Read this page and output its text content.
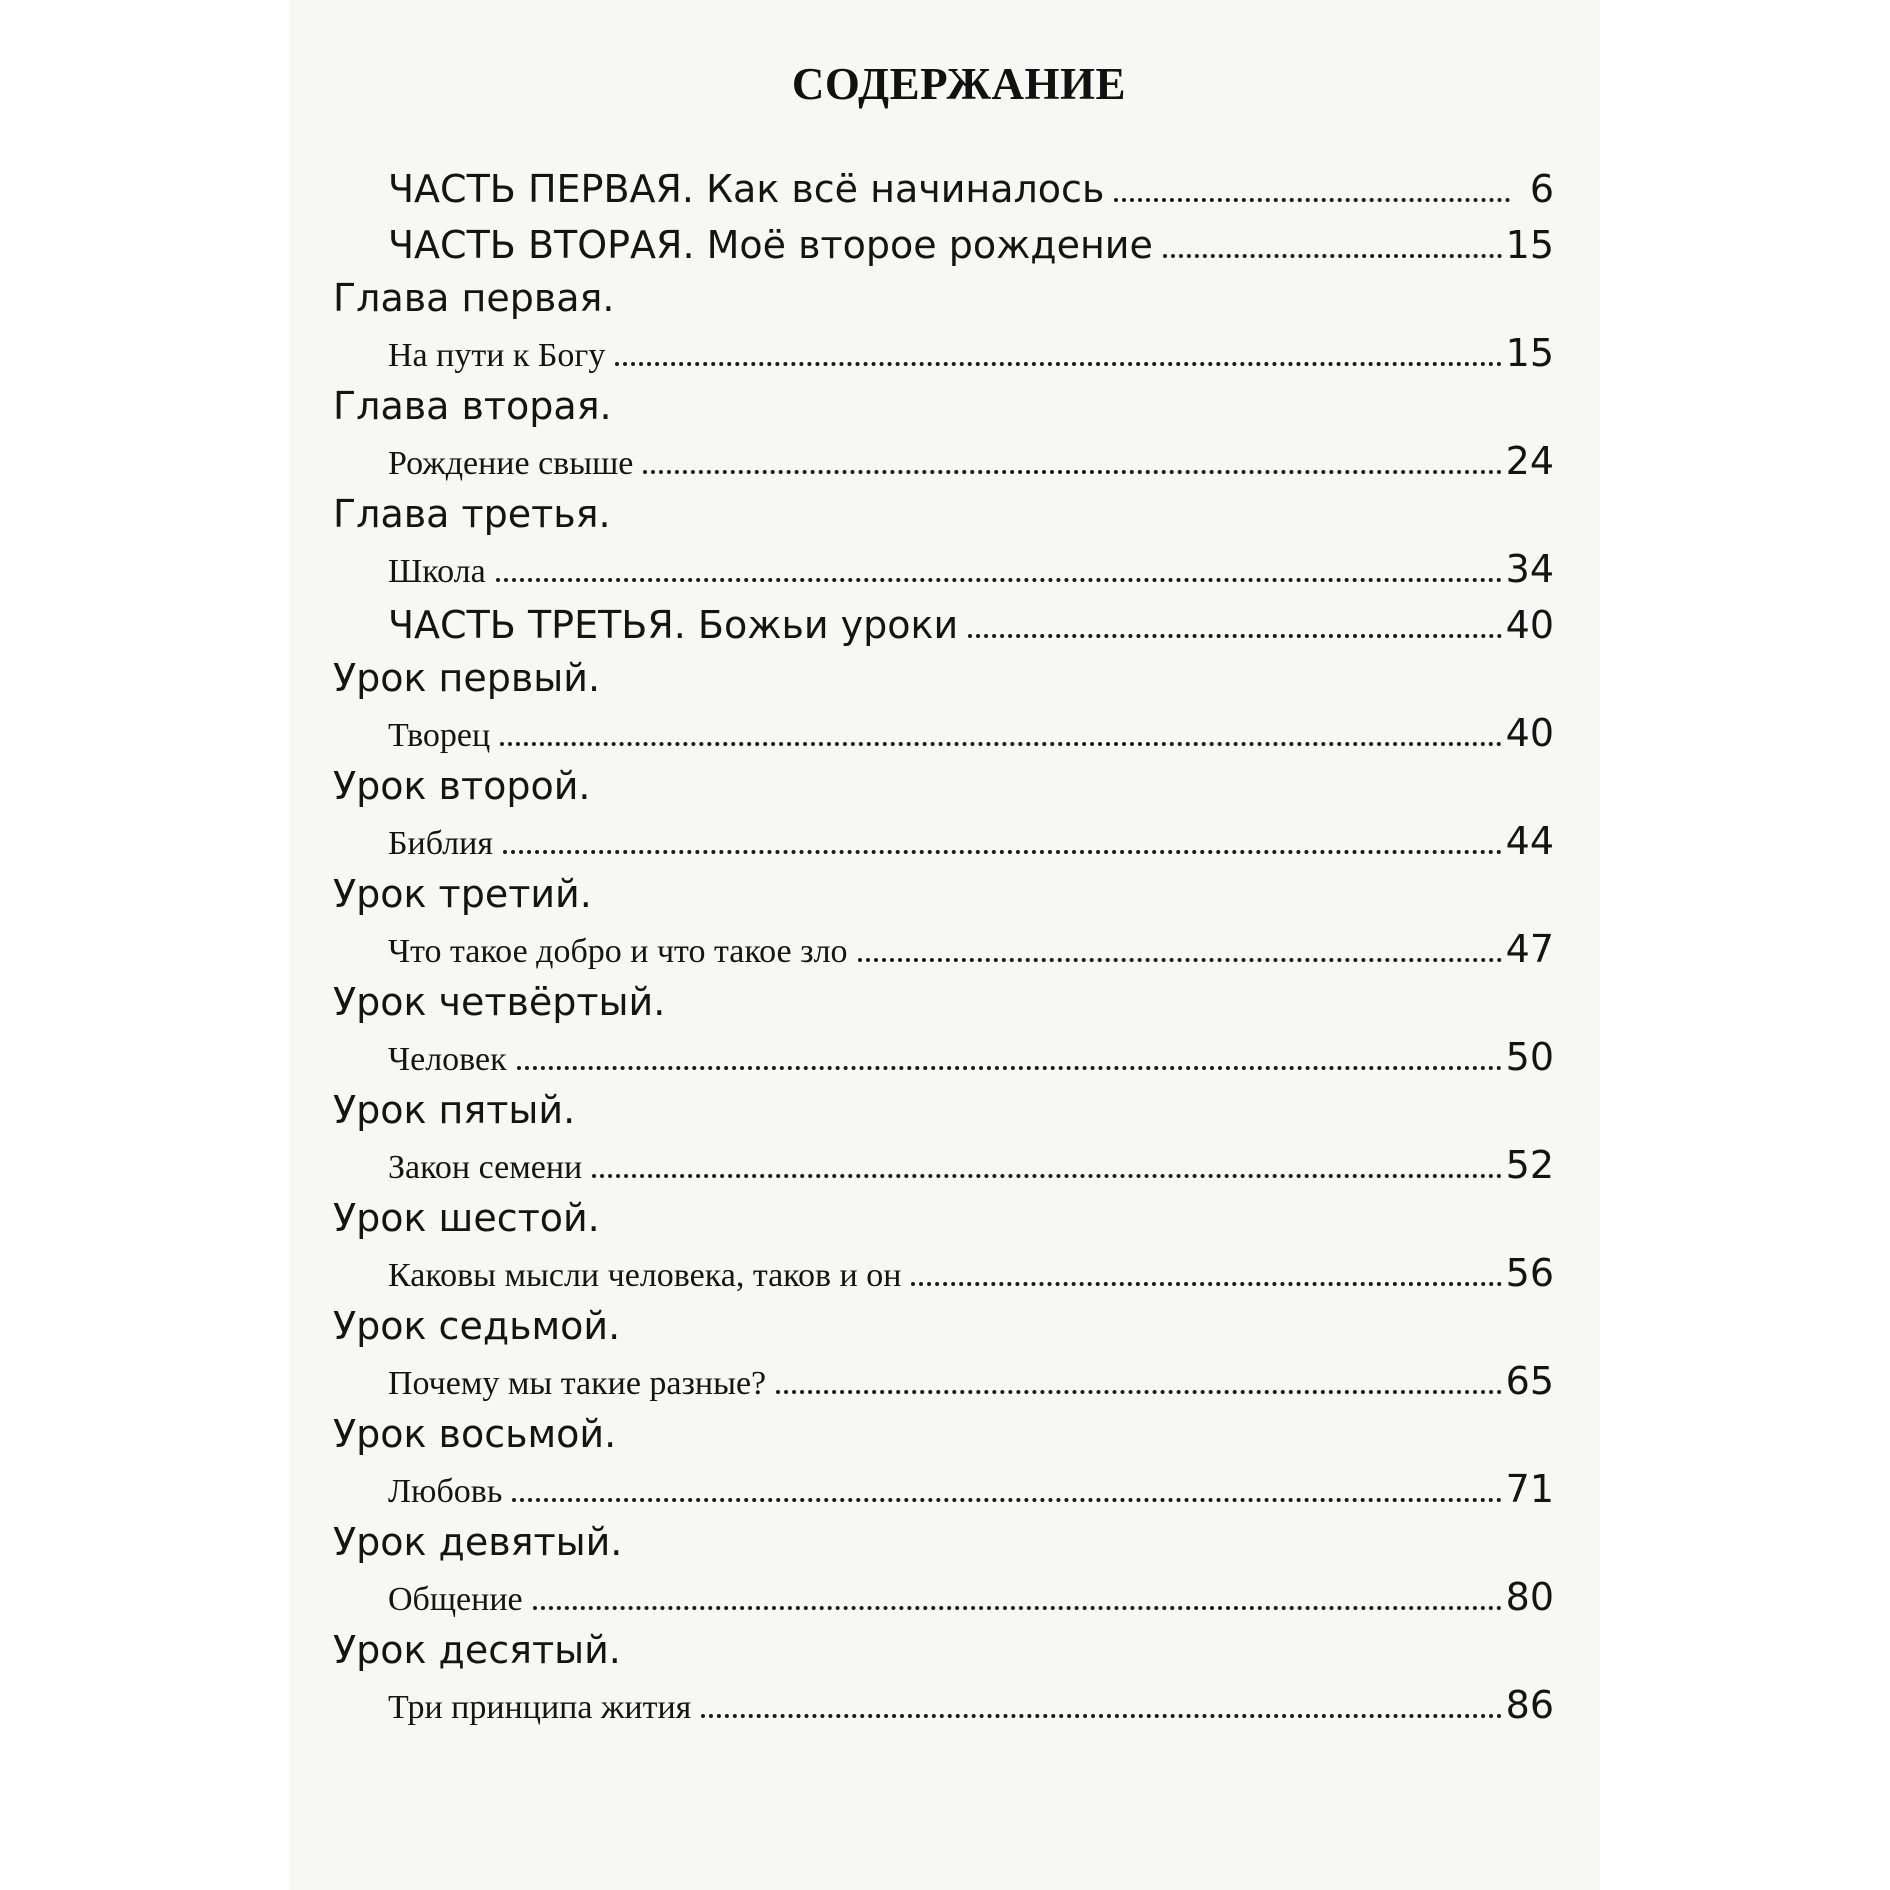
СОДЕРЖАНИЕ
ЧАСТЬ ПЕРВАЯ. Как всё начиналось	6
ЧАСТЬ ВТОРАЯ. Моё второе рождение	15
Глава первая.
На пути к Богу	15
Глава вторая.
Рождение свыше	24
Глава третья.
Школа	34
ЧАСТЬ ТРЕТЬЯ. Божьи уроки	40
Урок первый.
Творец	40
Урок второй.
Библия	44
Урок третий.
Что такое добро и что такое зло	47
Урок четвёртый.
Человек	50
Урок пятый.
Закон семени	52
Урок шестой.
Каковы мысли человека, таков и он	56
Урок седьмой.
Почему мы такие разные?	65
Урок восьмой.
Любовь	71
Урок девятый.
Общение	80
Урок десятый.
Три принципа жития	86
